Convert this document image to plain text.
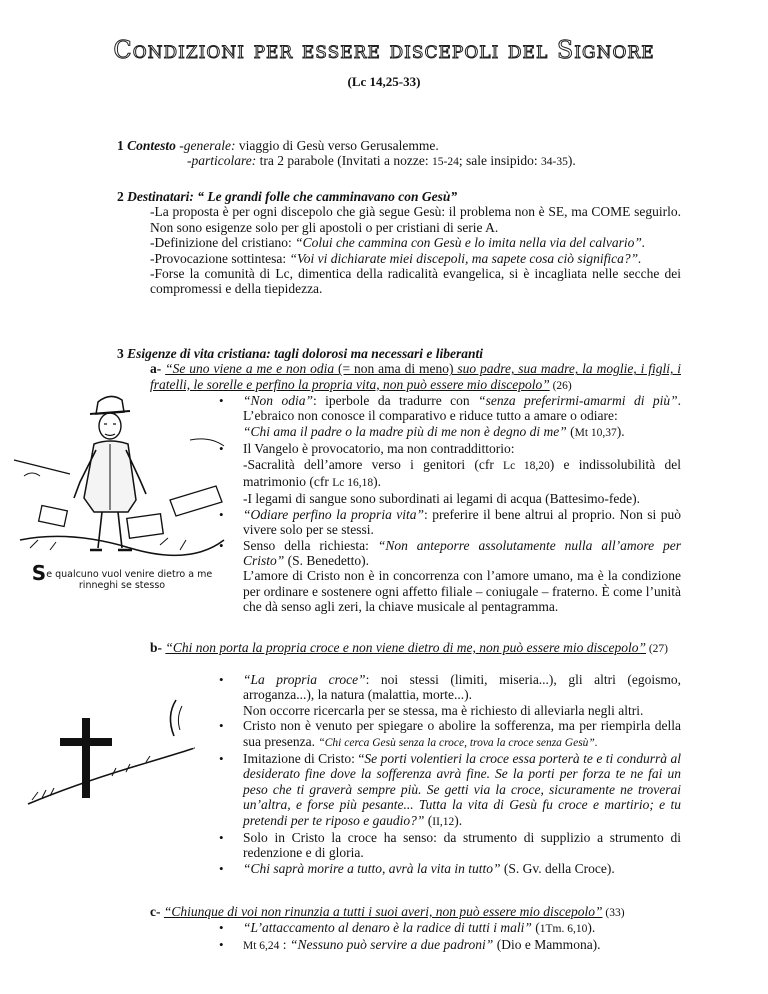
Condizioni per essere discepoli del Signore
(Lc 14,25-33)

1 Contesto -generale: viaggio di Gesù verso Gerusalemme.

-particolare: tra 2 parabole (Invitati a nozze: 15-24; sale insipido: 34-35).

2 Destinatari: “ Le grandi folle che camminavano con Gesù”

-La proposta è per ogni discepolo che già segue Gesù: il problema non è SE, ma COME seguirlo. Non sono esigenze solo per gli apostoli o per cristiani di serie A.

-Definizione del cristiano: “Colui che cammina con Gesù e lo imita nella via del calvario”.

-Provocazione sottintesa: “Voi vi dichiarate miei discepoli, ma sapete cosa ciò significa?”.

-Forse la comunità di Lc, dimentica della radicalità evangelica, si è incagliata nelle secche dei compromessi e della tiepidezza.

3 Esigenze di vita cristiana: tagli dolorosi ma necessari e liberanti

a- “Se uno viene a me e non odia (= non ama di meno) suo padre, sua madre, la moglie, i figli, i fratelli, le sorelle e perfino la propria vita, non può essere mio discepolo” (26)

• “Non odia”: iperbole da tradurre con “senza preferirmi-amarmi di più”. L’ebraico non conosce il comparativo e riduce tutto a amare o odiare:
“Chi ama il padre o la madre più di me non è degno di me” (Mt 10,37).

• Il Vangelo è provocatorio, ma non contraddittorio:
-Sacralità dell’amore verso i genitori (cfr Lc 18,20) e indissolubilità del matrimonio (cfr Lc 16,18).
-I legami di sangue sono subordinati ai legami di acqua (Battesimo-fede).

• “Odiare perfino la propria vita”: preferire il bene altrui al proprio. Non si può vivere solo per se stessi.

• Senso della richiesta: “Non anteporre assolutamente nulla all’amore per Cristo” (S. Benedetto).
L’amore di Cristo non è in concorrenza con l’amore umano, ma è la condizione per ordinare e sostenere ogni affetto filiale – coniugale – fraterno. È come l’unità che dà senso agli zeri, la chiave musicale al pentagramma.

b- “Chi non porta la propria croce e non viene dietro di me, non può essere mio discepolo” (27)

• “La propria croce”: noi stessi (limiti, miseria...), gli altri (egoismo, arroganza...), la natura (malattia, morte...).
Non occorre ricercarla per se stessa, ma è richiesto di alleviarla negli altri.

• Cristo non è venuto per spiegare o abolire la sofferenza, ma per riempirla della sua presenza. “Chi cerca Gesù senza la croce, trova la croce senza Gesù”.

• Imitazione di Cristo: “Se porti volentieri la croce essa porterà te e ti condurrà al desiderato fine dove la sofferenza avrà fine. Se la porti per forza te ne fai un peso che ti graverà sempre più. Se getti via la croce, sicuramente ne troverai un’altra, e forse più pesante... Tutta la vita di Gesù fu croce e martirio; e tu pretendi per te riposo e gaudio?” (II,12).

• Solo in Cristo la croce ha senso: da strumento di supplizio a strumento di redenzione e di gloria.

• “Chi saprà morire a tutto, avrà la vita in tutto” (S. Gv. della Croce).

c- “Chiunque di voi non rinunzia a tutti i suoi averi, non può essere mio discepolo” (33)

• “L’attaccamento al denaro è la radice di tutti i mali” (1Tm. 6,10).

• Mt 6,24 : “Nessuno può servire a due padroni” (Dio e Mammona).

Se qualcuno vuol venire dietro a me
rinneghi se stesso
